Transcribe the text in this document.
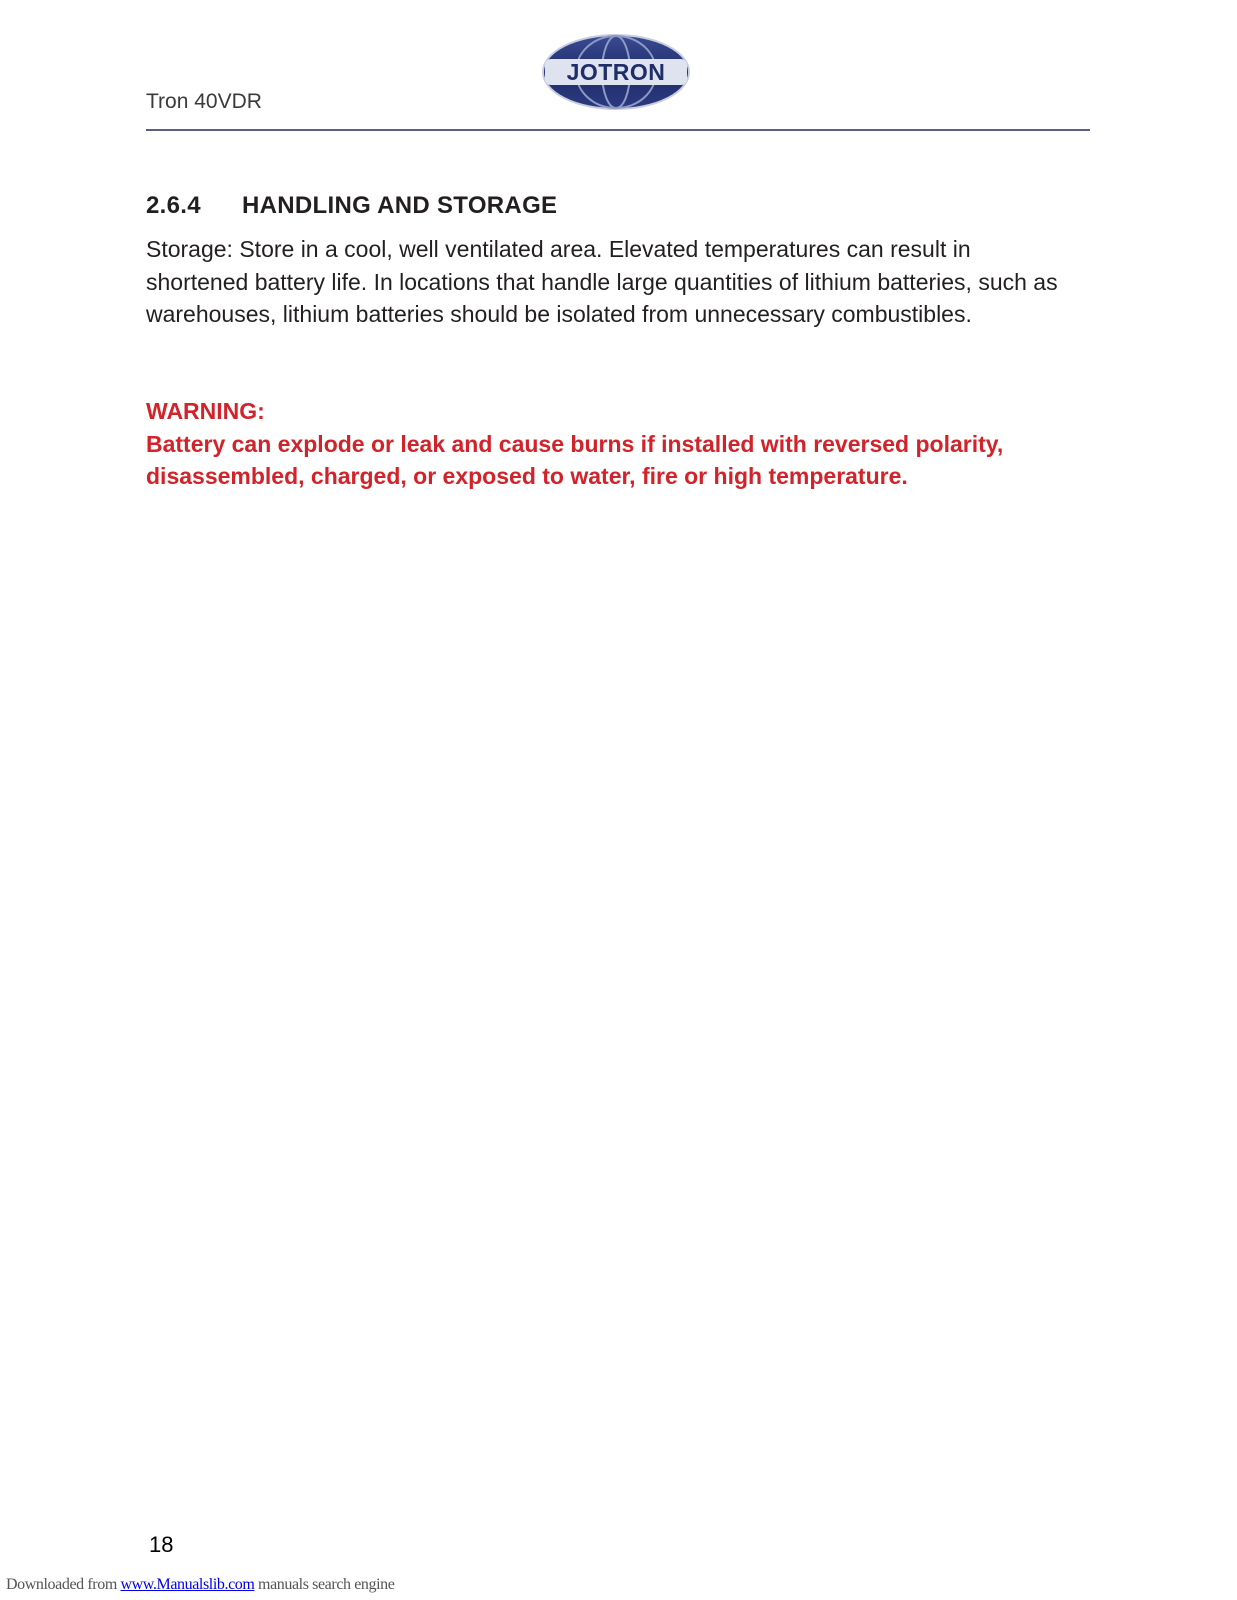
Tron 40VDR
JOTRON
2.6.4 HANDLING AND STORAGE

Storage: Store in a cool, well ventilated area. Elevated temperatures can result in shortened battery life. In locations that handle large quantities of lithium batteries, such as warehouses, lithium batteries should be isolated from unnecessary combustibles.

WARNING:

Battery can explode or leak and cause burns if installed with reversed polarity, disassembled, charged, or exposed to water, fire or high temperature.

18
Downloaded from www.Manualslib.com manuals search engine
